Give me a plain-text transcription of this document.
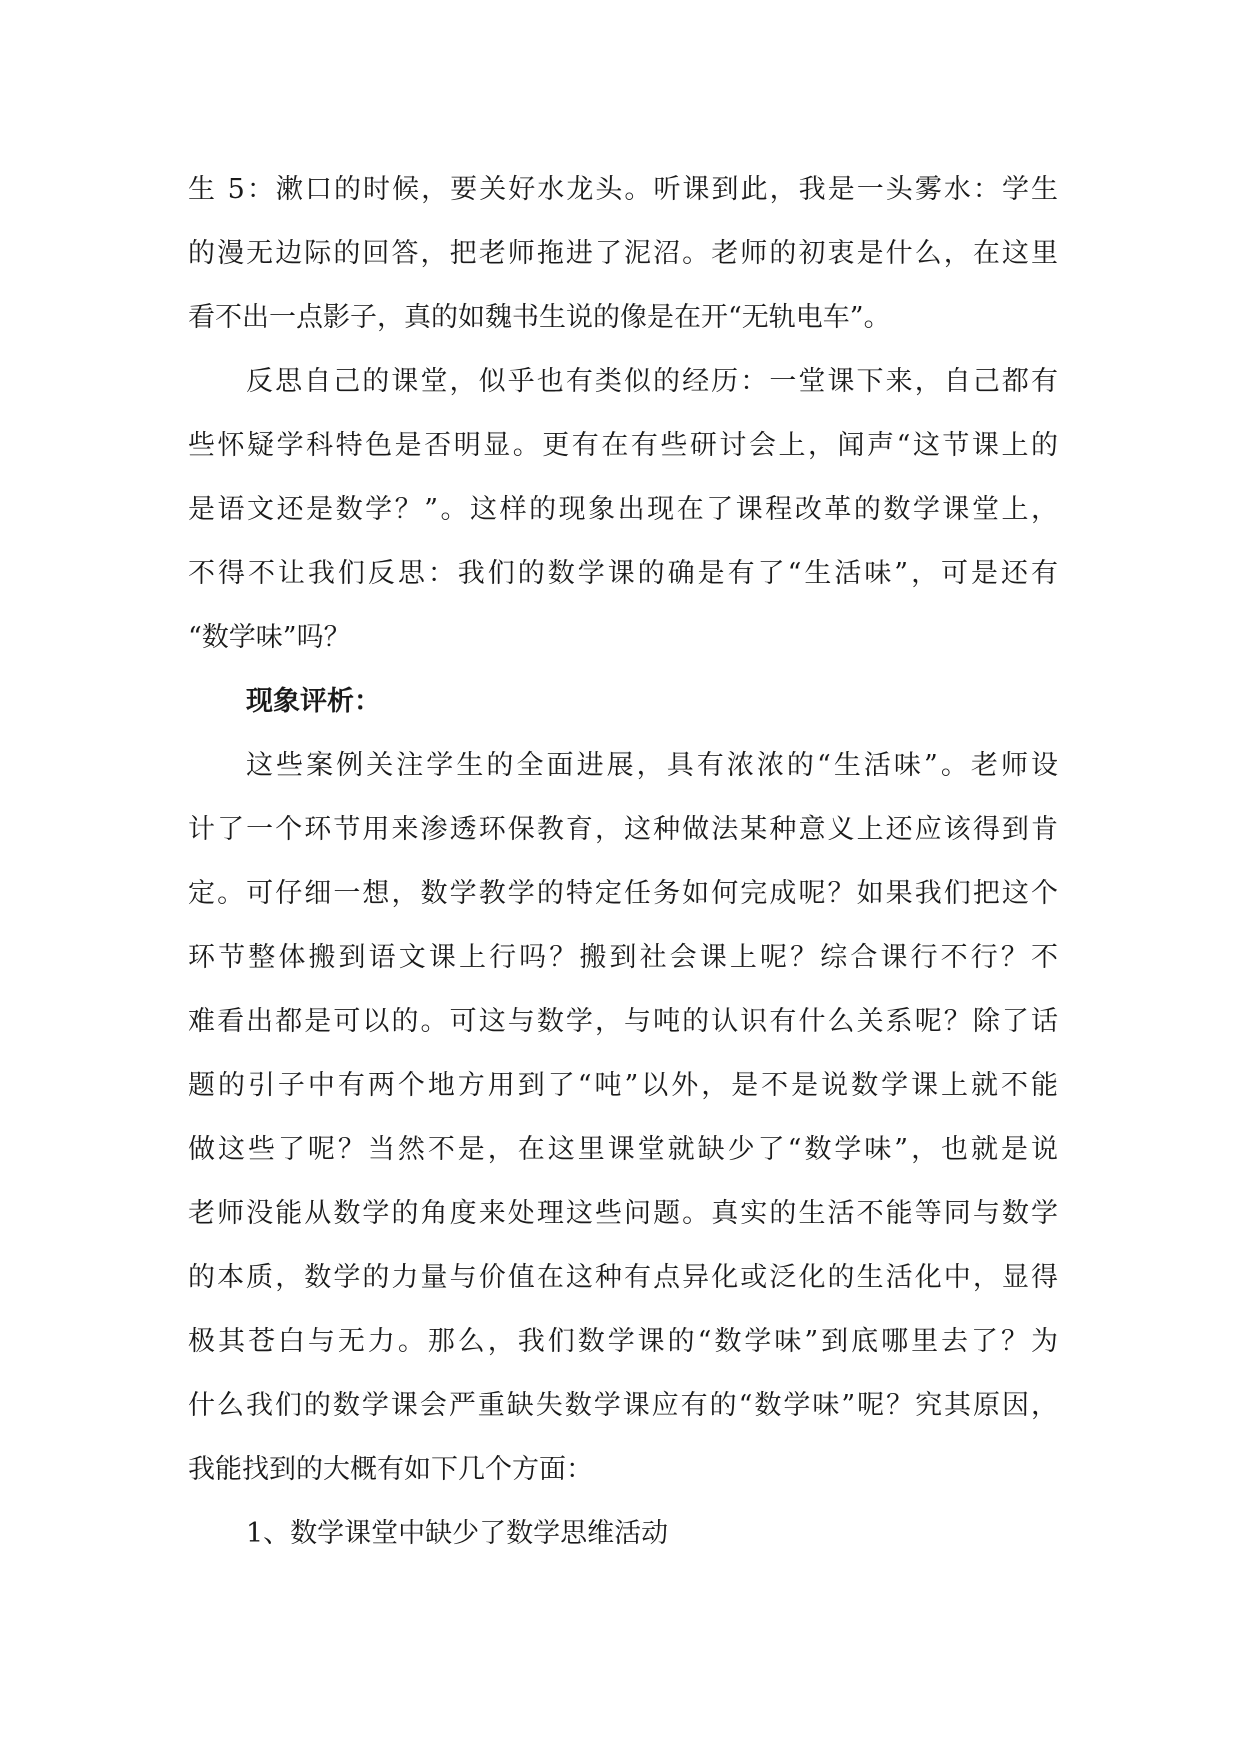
生 5：漱口的时候，要关好水龙头。听课到此，我是一头雾水：学生
的漫无边际的回答，把老师拖进了泥沼。老师的初衷是什么，在这里
看不出一点影子，真的如魏书生说的像是在开“无轨电车”。
反思自己的课堂，似乎也有类似的经历：一堂课下来，自己都有
些怀疑学科特色是否明显。更有在有些研讨会上，闻声“这节课上的
是语文还是数学？”。这样的现象出现在了课程改革的数学课堂上，
不得不让我们反思：我们的数学课的确是有了“生活味”，可是还有
“数学味”吗？
现象评析：
这些案例关注学生的全面进展，具有浓浓的“生活味”。老师设
计了一个环节用来渗透环保教育，这种做法某种意义上还应该得到肯
定。可仔细一想，数学教学的特定任务如何完成呢？如果我们把这个
环节整体搬到语文课上行吗？搬到社会课上呢？综合课行不行？不
难看出都是可以的。可这与数学，与吨的认识有什么关系呢？除了话
题的引子中有两个地方用到了“吨”以外，是不是说数学课上就不能
做这些了呢？当然不是，在这里课堂就缺少了“数学味”，也就是说
老师没能从数学的角度来处理这些问题。真实的生活不能等同与数学
的本质，数学的力量与价值在这种有点异化或泛化的生活化中，显得
极其苍白与无力。那么，我们数学课的“数学味”到底哪里去了？为
什么我们的数学课会严重缺失数学课应有的“数学味”呢？究其原因，
我能找到的大概有如下几个方面：
1、数学课堂中缺少了数学思维活动
